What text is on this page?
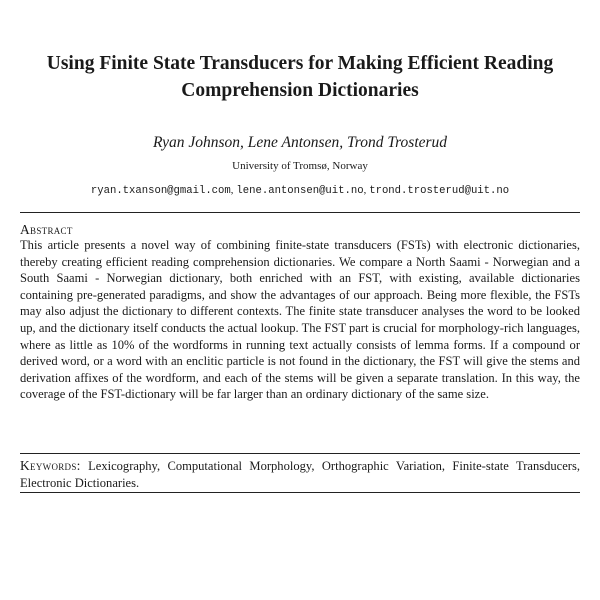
Using Finite State Transducers for Making Efficient Reading
Comprehension Dictionaries
Ryan Johnson, Lene Antonsen, Trond Trosterud
University of Tromsø, Norway
ryan.txanson@gmail.com, lene.antonsen@uit.no, trond.trosterud@uit.no
Abstract
This article presents a novel way of combining finite-state transducers (FSTs) with electronic dictionaries, thereby creating efficient reading comprehension dictionaries. We compare a North Saami - Norwegian and a South Saami - Norwegian dictionary, both enriched with an FST, with existing, available dictionaries containing pre-generated paradigms, and show the advantages of our approach. Being more flexible, the FSTs may also adjust the dictionary to different contexts. The finite state transducer analyses the word to be looked up, and the dictionary itself conducts the actual lookup. The FST part is crucial for morphology-rich languages, where as little as 10% of the wordforms in running text actually consists of lemma forms. If a compound or derived word, or a word with an enclitic particle is not found in the dictionary, the FST will give the stems and derivation affixes of the wordform, and each of the stems will be given a separate translation. In this way, the coverage of the FST-dictionary will be far larger than an ordinary dictionary of the same size.
Keywords: Lexicography, Computational Morphology, Orthographic Variation, Finite-state Transducers, Electronic Dictionaries.
